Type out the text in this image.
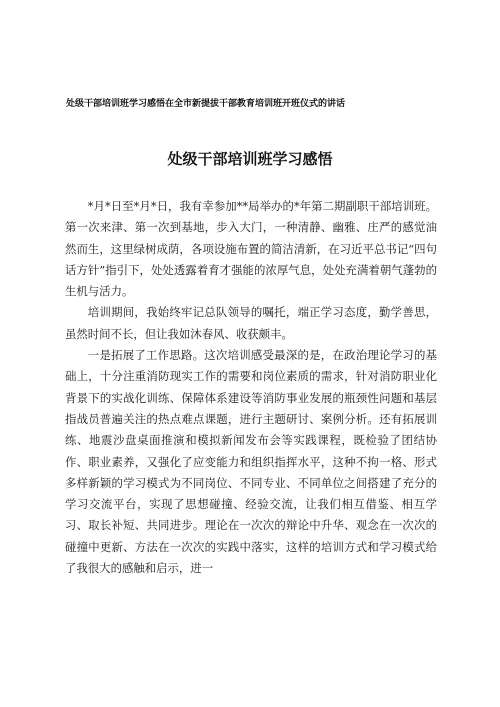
处级干部培训班学习感悟在全市新提拔干部教育培训班开班仪式的讲话
处级干部培训班学习感悟

*月*日至*月*日，我有幸参加**局举办的*年第二期副职干部培训班。第一次来津、第一次到基地，步入大门，一种清静、幽雅、庄严的感觉油然而生，这里绿树成荫，各项设施布置的简洁清新，在习近平总书记“四句话方针”指引下，处处透露着育才强能的浓厚气息，处处充满着朝气蓬勃的生机与活力。

培训期间，我始终牢记总队领导的嘱托，端正学习态度，勤学善思，虽然时间不长，但让我如沐春风、收获颇丰。

一是拓展了工作思路。这次培训感受最深的是，在政治理论学习的基础上，十分注重消防现实工作的需要和岗位素质的需求，针对消防职业化背景下的实战化训练、保障体系建设等消防事业发展的瓶颈性问题和基层指战员普遍关注的热点难点课题，进行主题研讨、案例分析。还有拓展训练、地震沙盘桌面推演和模拟新闻发布会等实践课程，既检验了团结协作、职业素养，又强化了应变能力和组织指挥水平，这种不拘一格、形式多样新颖的学习模式为不同岗位、不同专业、不同单位之间搭建了充分的学习交流平台，实现了思想碰撞、经验交流，让我们相互借鉴、相互学习、取长补短、共同进步。理论在一次次的辩论中升华、观念在一次次的碰撞中更新、方法在一次次的实践中落实，这样的培训方式和学习模式给了我很大的感触和启示，进一
